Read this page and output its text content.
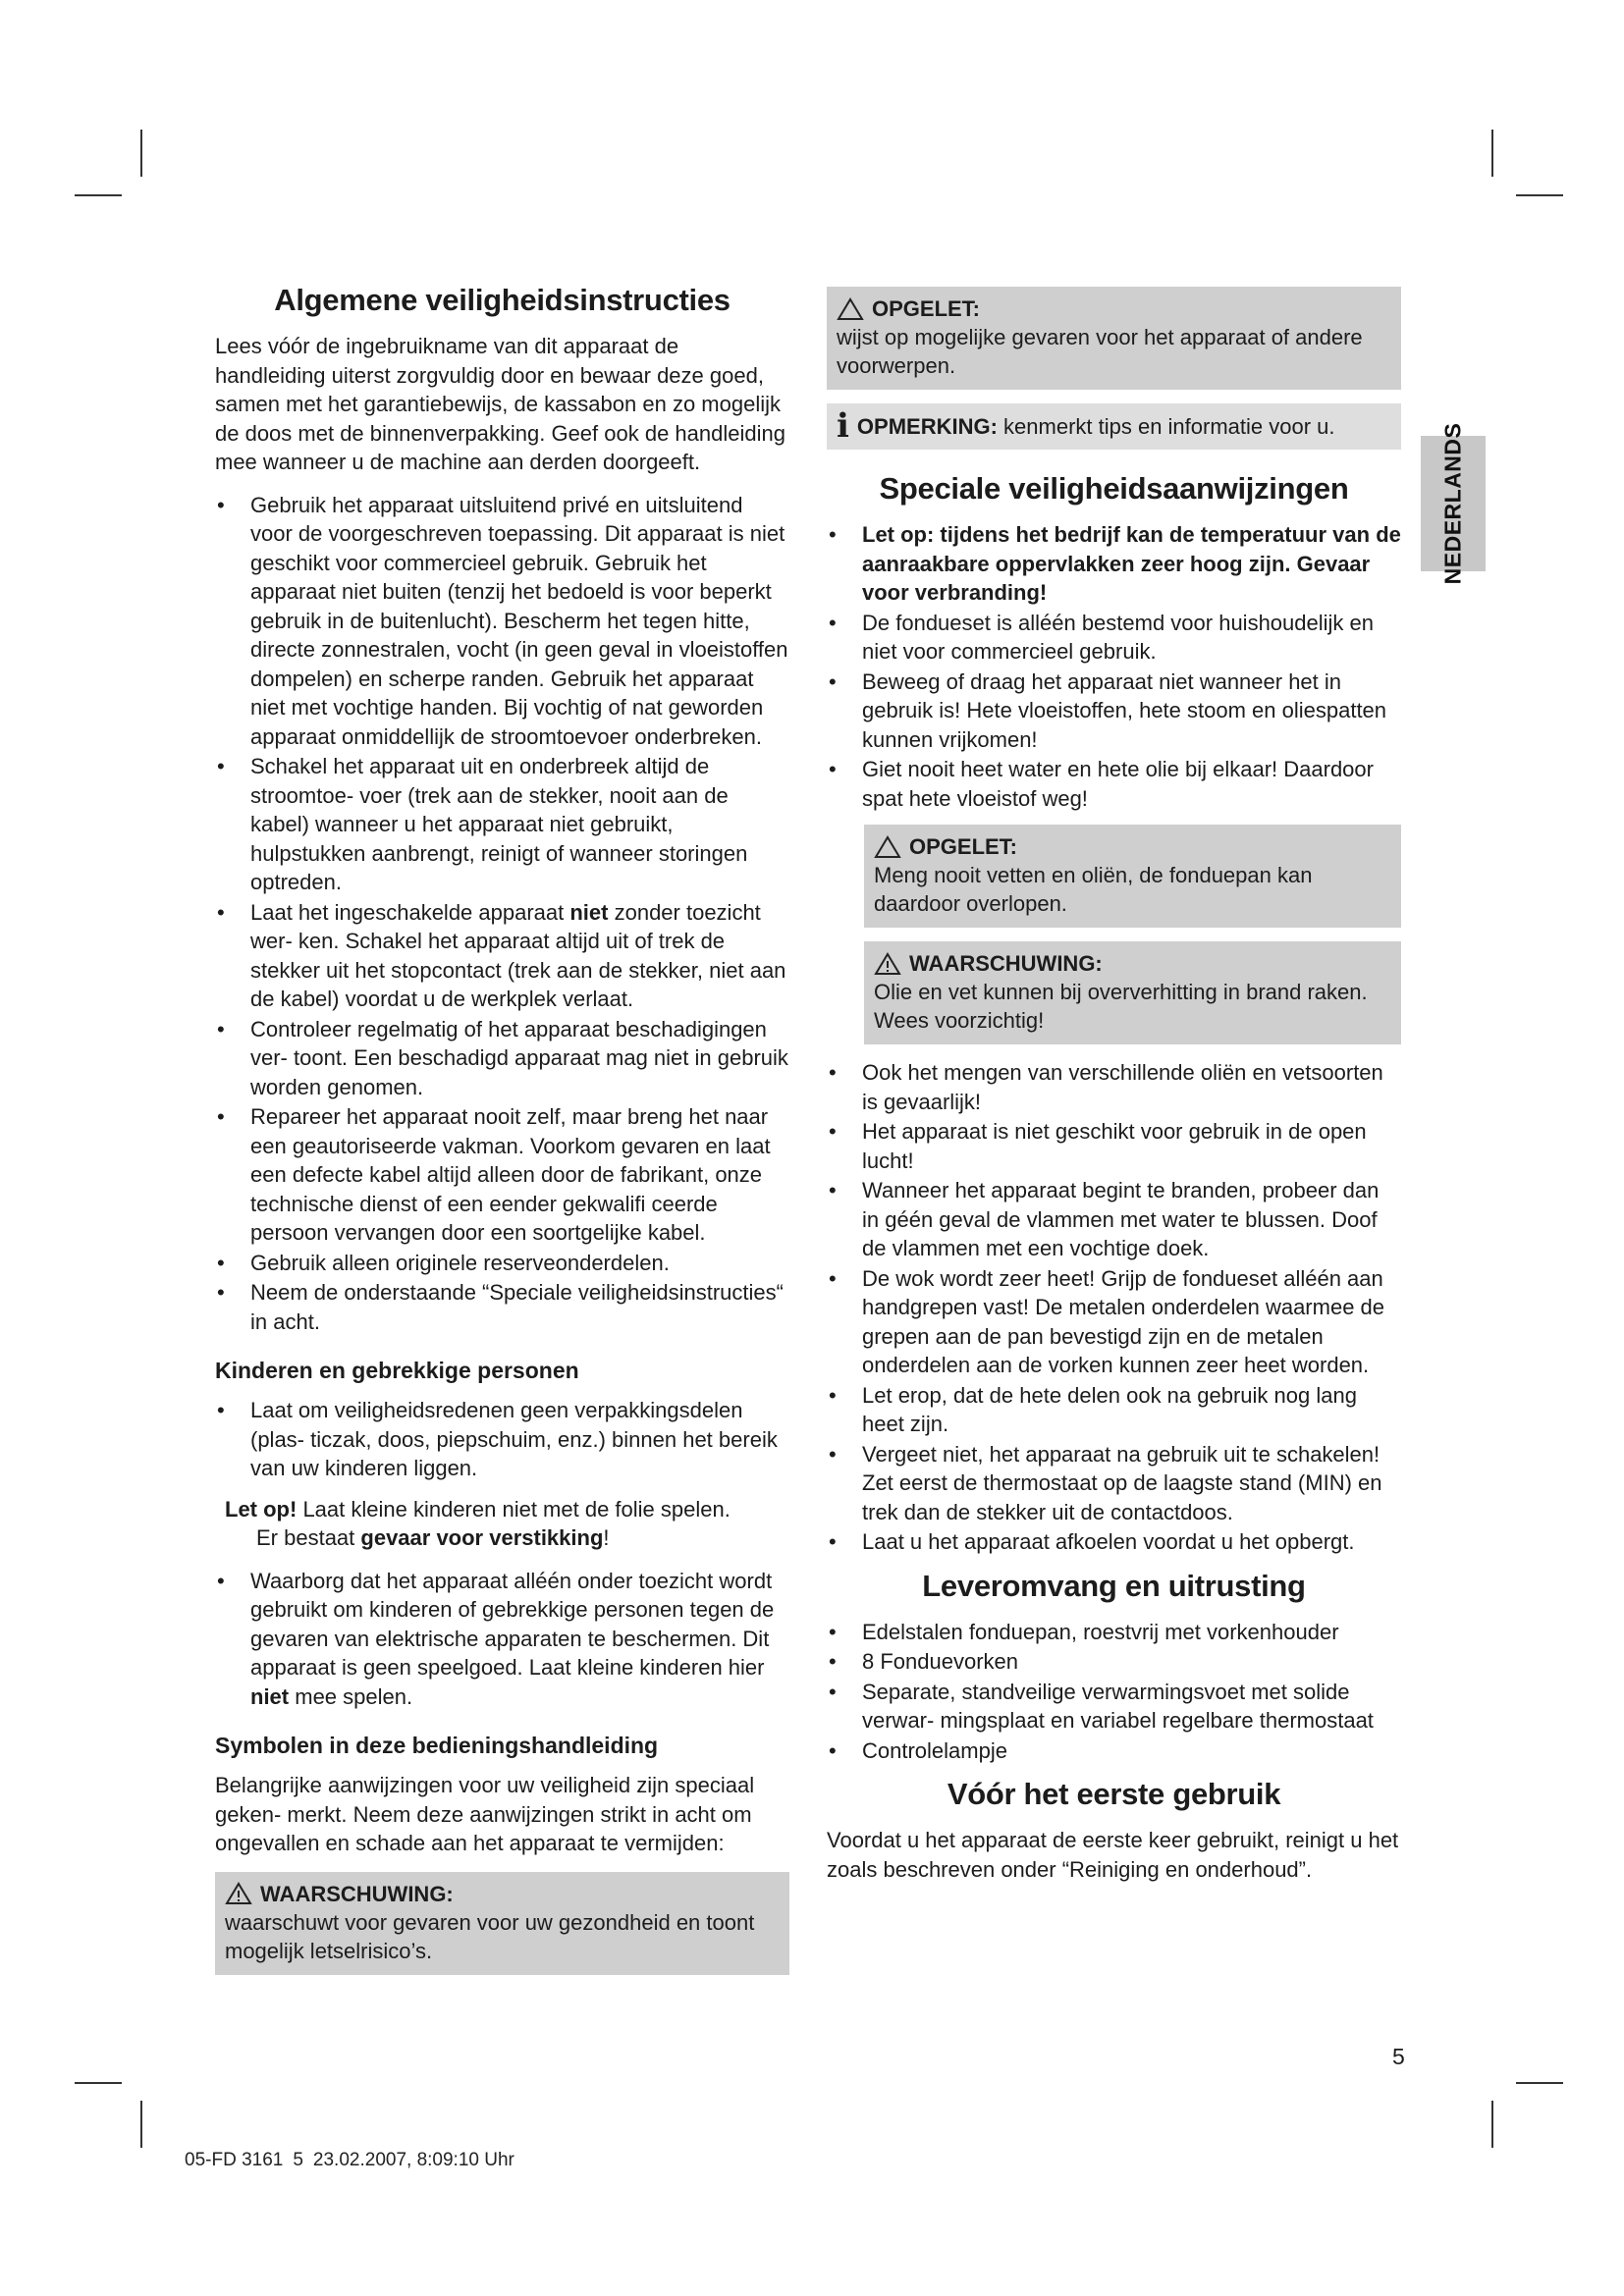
NEDERLANDS
Algemene veiligheidsinstructies

Lees vóór de ingebruikname van dit apparaat de handleiding uiterst zorgvuldig door en bewaar deze goed, samen met het garantiebewijs, de kassabon en zo mogelijk de doos met de binnenverpakking. Geef ook de handleiding mee wanneer u de machine aan derden doorgeeft.

• Gebruik het apparaat uitsluitend privé en uitsluitend voor de voorgeschreven toepassing. Dit apparaat is niet geschikt voor commercieel gebruik. Gebruik het apparaat niet buiten (tenzij het bedoeld is voor beperkt gebruik in de buitenlucht). Bescherm het tegen hitte, directe zonnestralen, vocht (in geen geval in vloeistoffen dompelen) en scherpe randen. Gebruik het apparaat niet met vochtige handen. Bij vochtig of nat geworden apparaat onmiddellijk de stroomtoevoer onderbreken.
• Schakel het apparaat uit en onderbreek altijd de stroomtoe- voer (trek aan de stekker, nooit aan de kabel) wanneer u het apparaat niet gebruikt, hulpstukken aanbrengt, reinigt of wanneer storingen optreden.
• Laat het ingeschakelde apparaat niet zonder toezicht wer- ken. Schakel het apparaat altijd uit of trek de stekker uit het stopcontact (trek aan de stekker, niet aan de kabel) voordat u de werkplek verlaat.
• Controleer regelmatig of het apparaat beschadigingen ver- toont. Een beschadigd apparaat mag niet in gebruik worden genomen.
• Repareer het apparaat nooit zelf, maar breng het naar een geautoriseerde vakman. Voorkom gevaren en laat een defecte kabel altijd alleen door de fabrikant, onze technische dienst of een eender gekwalifi ceerde persoon vervangen door een soortgelijke kabel.
• Gebruik alleen originele reserveonderdelen.
• Neem de onderstaande “Speciale veiligheidsinstructies“ in acht.
Kinderen en gebrekkige personen
• Laat om veiligheidsredenen geen verpakkingsdelen (plas- ticzak, doos, piepschuim, enz.) binnen het bereik van uw kinderen liggen.
Let op! Laat kleine kinderen niet met de folie spelen.
Er bestaat gevaar voor verstikking!
• Waarborg dat het apparaat alléén onder toezicht wordt gebruikt om kinderen of gebrekkige personen tegen de gevaren van elektrische apparaten te beschermen. Dit apparaat is geen speelgoed. Laat kleine kinderen hier niet mee spelen.
Symbolen in deze bedieningshandleiding

Belangrijke aanwijzingen voor uw veiligheid zijn speciaal geken- merkt. Neem deze aanwijzingen strikt in acht om ongevallen en schade aan het apparaat te vermijden:

WAARSCHUWING:
waarschuwt voor gevaren voor uw gezondheid en toont mogelijk letselrisico’s.
OPGELET:
wijst op mogelijke gevaren voor het apparaat of andere voorwerpen.
iOPMERKING: kenmerkt tips en informatie voor u.
Speciale veiligheidsaanwijzingen
• Let op: tijdens het bedrijf kan de temperatuur van de aanraakbare oppervlakken zeer hoog zijn. Gevaar voor verbranding!
• De fondueset is alléén bestemd voor huishoudelijk en niet voor commercieel gebruik.
• Beweeg of draag het apparaat niet wanneer het in gebruik is! Hete vloeistoffen, hete stoom en oliespatten kunnen vrijkomen!
• Giet nooit heet water en hete olie bij elkaar! Daardoor spat hete vloeistof weg!
OPGELET:
Meng nooit vetten en oliën, de fonduepan kan daardoor overlopen.
WAARSCHUWING:
Olie en vet kunnen bij oververhitting in brand raken. Wees voorzichtig!
• Ook het mengen van verschillende oliën en vetsoorten is gevaarlijk!
• Het apparaat is niet geschikt voor gebruik in de open lucht!
• Wanneer het apparaat begint te branden, probeer dan in géén geval de vlammen met water te blussen. Doof de vlammen met een vochtige doek.
• De wok wordt zeer heet! Grijp de fondueset alléén aan handgrepen vast! De metalen onderdelen waarmee de grepen aan de pan bevestigd zijn en de metalen onderdelen aan de vorken kunnen zeer heet worden.
• Let erop, dat de hete delen ook na gebruik nog lang heet zijn.
• Vergeet niet, het apparaat na gebruik uit te schakelen! Zet eerst de thermostaat op de laagste stand (MIN) en trek dan de stekker uit de contactdoos.
• Laat u het apparaat afkoelen voordat u het opbergt.
Leveromvang en uitrusting
• Edelstalen fonduepan, roestvrij met vorkenhouder
• 8 Fonduevorken
• Separate, standveilige verwarmingsvoet met solide verwar- mingsplaat en variabel regelbare thermostaat
• Controlelampje
Vóór het eerste gebruik

Voordat u het apparaat de eerste keer gebruikt, reinigt u het zoals beschreven onder “Reiniging en onderhoud”.

5
05-FD 3161 5 23.02.2007, 8:09:10 Uhr
